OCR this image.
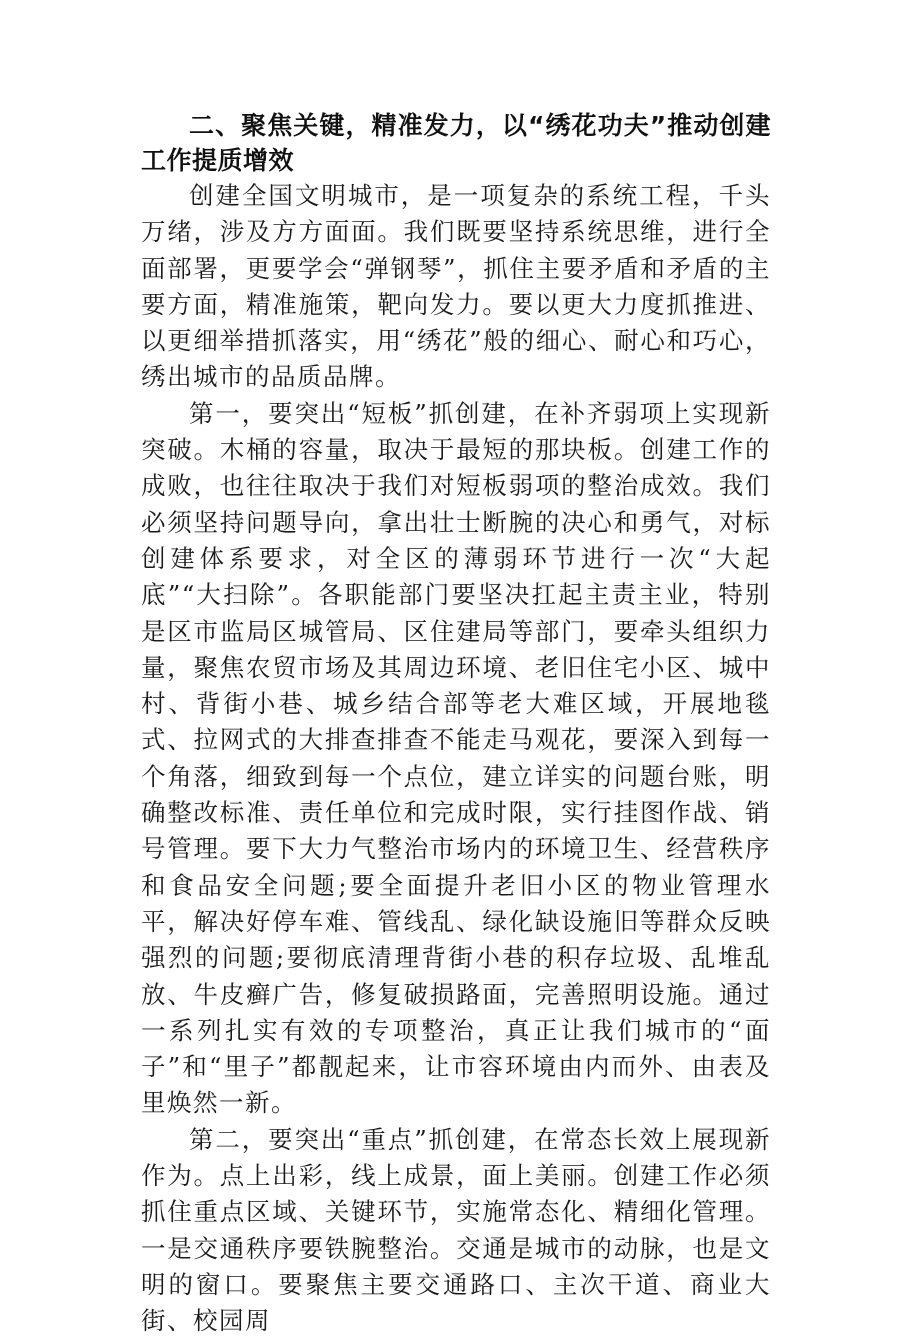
二、聚焦关键，精准发力，以“绣花功夫”推动创建工作提质增效

创建全国文明城市，是一项复杂的系统工程，千头万绪，涉及方方面面。我们既要坚持系统思维，进行全面部署，更要学会“弹钢琴”，抓住主要矛盾和矛盾的主要方面，精准施策，靶向发力。要以更大力度抓推进、以更细举措抓落实，用“绣花”般的细心、耐心和巧心，绣出城市的品质品牌。

第一，要突出“短板”抓创建，在补齐弱项上实现新突破。木桶的容量，取决于最短的那块板。创建工作的成败，也往往取决于我们对短板弱项的整治成效。我们必须坚持问题导向，拿出壮士断腕的决心和勇气，对标创建体系要求，对全区的薄弱环节进行一次“大起底”“大扫除”。各职能部门要坚决扛起主责主业，特别是区市监局区城管局、区住建局等部门，要牵头组织力量，聚焦农贸市场及其周边环境、老旧住宅小区、城中村、背街小巷、城乡结合部等老大难区域，开展地毯式、拉网式的大排查排查不能走马观花，要深入到每一个角落，细致到每一个点位，建立详实的问题台账，明确整改标准、责任单位和完成时限，实行挂图作战、销号管理。要下大力气整治市场内的环境卫生、经营秩序和食品安全问题;要全面提升老旧小区的物业管理水平，解决好停车难、管线乱、绿化缺设施旧等群众反映强烈的问题;要彻底清理背街小巷的积存垃圾、乱堆乱放、牛皮癣广告，修复破损路面，完善照明设施。通过一系列扎实有效的专项整治，真正让我们城市的“面子”和“里子”都靓起来，让市容环境由内而外、由表及里焕然一新。

第二，要突出“重点”抓创建，在常态长效上展现新作为。点上出彩，线上成景，面上美丽。创建工作必须抓住重点区域、关键环节，实施常态化、精细化管理。一是交通秩序要铁腕整治。交通是城市的动脉，也是文明的窗口。要聚焦主要交通路口、主次干道、商业大街、校园周
